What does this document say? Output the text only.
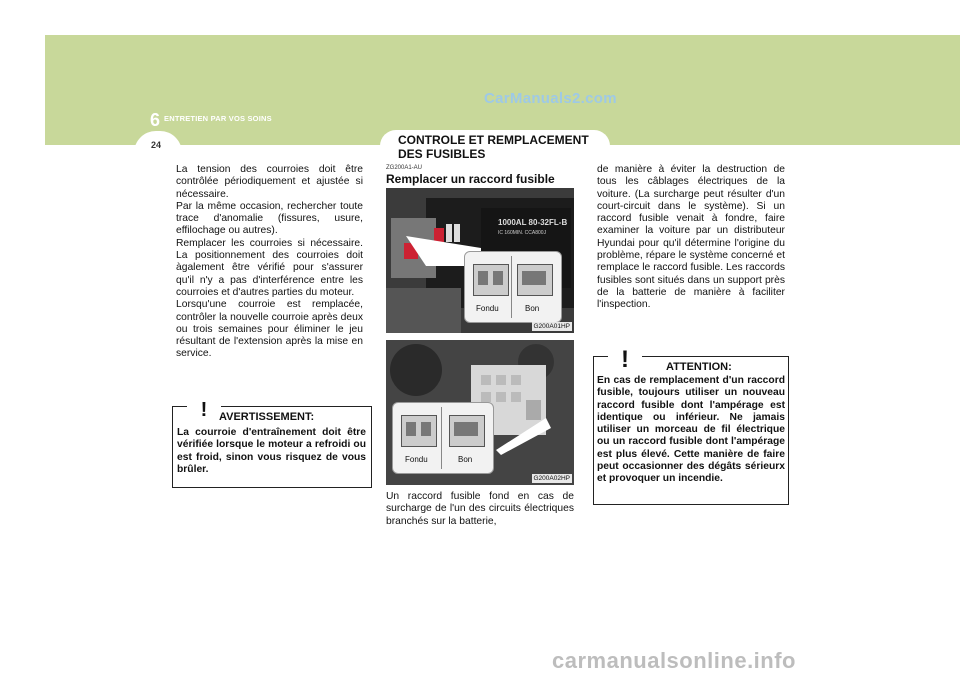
6 ENTRETIEN PAR VOS SOINS
24
CarManuals2.com
CONTROLE ET REMPLACEMENT DES FUSIBLES
La tension des courroies doit être contrôlée périodiquement et ajustée si nécessaire.
Par la même occasion, rechercher toute trace d'anomalie (fissures, usure, effilochage ou autres).
Remplacer les courroies si nécessaire. La positionnement des courroies doit àgalement être vérifié pour s'assurer qu'il n'y a pas d'interférence entre les courroies et d'autres parties du moteur.
Lorsqu'une courroie est remplacée, contrôler la nouvelle courroie après deux ou trois semaines pour éliminer le jeu résultant de l'extension après la mise en service.
! AVERTISSEMENT:
La courroie d'entraînement doit être vérifiée lorsque le moteur a refroidi ou est froid, sinon vous risquez de vous brûler.
ZG200A1-AU
Remplacer un raccord fusible
1000AL 80-32FL-B
IC 160MIN. CCA800J
Fondu	Bon
G200A01HP
Fondu	Bon
G200A02HP
Un raccord fusible fond en cas de surcharge de l'un des circuits électriques branchés sur la batterie,
de manière à éviter la destruction de tous les câblages électriques de la voiture. (La surcharge peut résulter d'un court-circuit dans le système). Si un raccord fusible venait à fondre, faire examiner la voiture par un distributeur Hyundai pour qu'il détermine l'origine du problème, répare le système concerné et remplace le raccord fusible. Les raccords fusibles sont situés dans un support près de la batterie de manière à faciliter l'inspection.
!	ATTENTION:
En cas de remplacement d'un raccord fusible, toujours utiliser un nouveau raccord fusible dont l'ampérage est identique ou inférieur. Ne jamais utiliser un morceau de fil électrique ou un raccord fusible dont l'ampérage est plus élevé. Cette manière de faire peut occasionner des dégâts sérieurx et provoquer un incendie.
carmanualsonline.info
